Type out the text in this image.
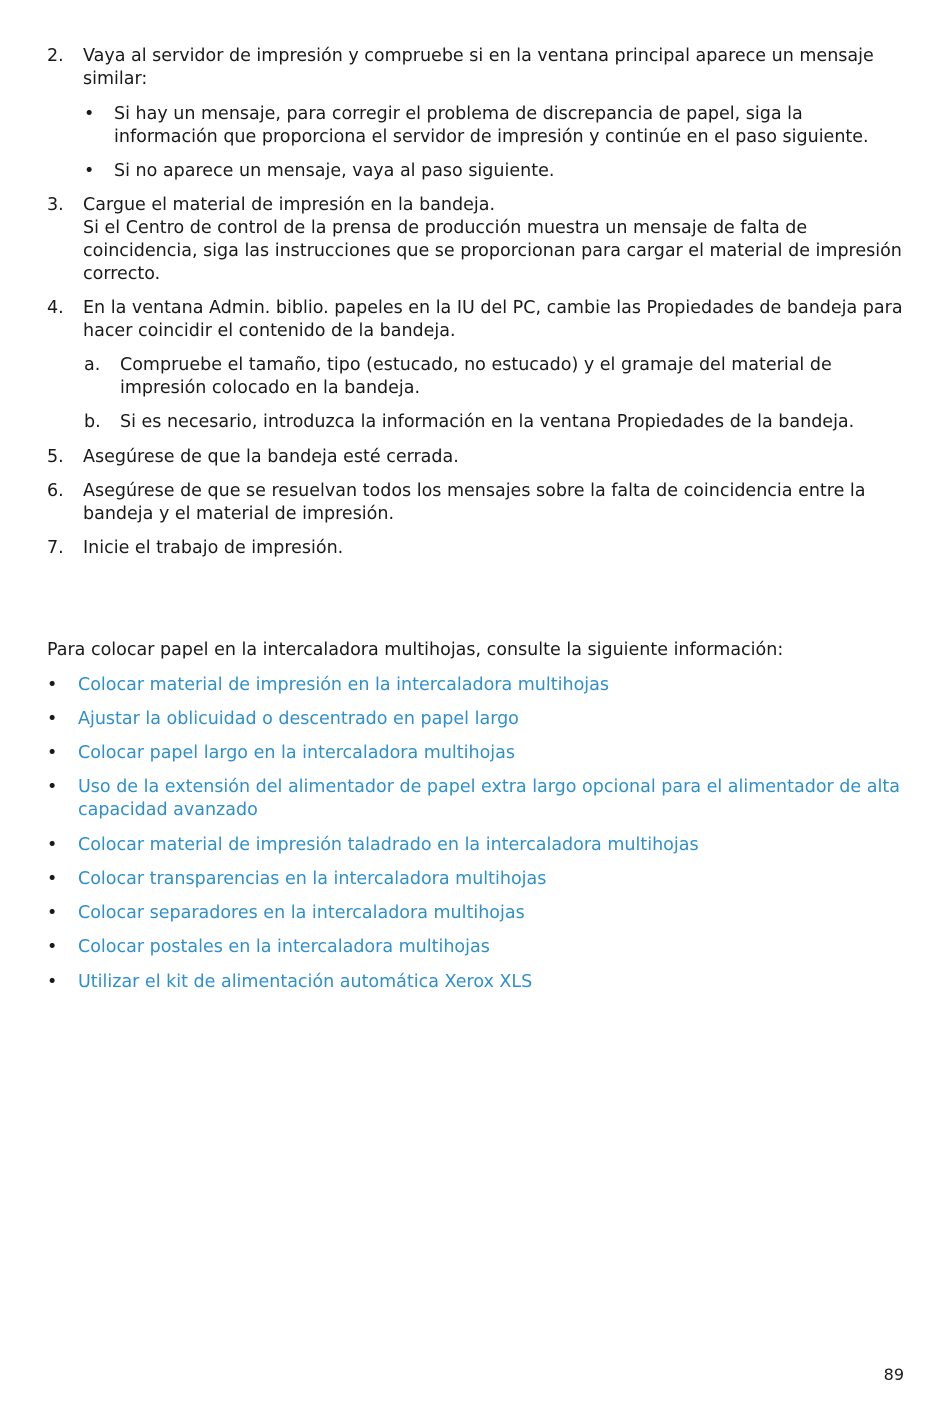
2.	Vaya al servidor de impresión y compruebe si en la ventana principal aparece un mensaje similar:
• Si hay un mensaje, para corregir el problema de discrepancia de papel, siga la información que proporciona el servidor de impresión y continúe en el paso siguiente.
• Si no aparece un mensaje, vaya al paso siguiente.
3.	Cargue el material de impresión en la bandeja.
Si el Centro de control de la prensa de producción muestra un mensaje de falta de coincidencia, siga las instrucciones que se proporcionan para cargar el material de impresión correcto.
4.	En la ventana Admin. biblio. papeles en la IU del PC, cambie las Propiedades de bandeja para hacer coincidir el contenido de la bandeja.
a. Compruebe el tamaño, tipo (estucado, no estucado) y el gramaje del material de impresión colocado en la bandeja.
b. Si es necesario, introduzca la información en la ventana Propiedades de la bandeja.
5.	Asegúrese de que la bandeja esté cerrada.
6.	Asegúrese de que se resuelvan todos los mensajes sobre la falta de coincidencia entre la bandeja y el material de impresión.
7.	Inicie el trabajo de impresión.
Para colocar papel en la intercaladora multihojas, consulte la siguiente información:
• Colocar material de impresión en la intercaladora multihojas
• Ajustar la oblicuidad o descentrado en papel largo
• Colocar papel largo en la intercaladora multihojas
• Uso de la extensión del alimentador de papel extra largo opcional para el alimentador de alta capacidad avanzado
• Colocar material de impresión taladrado en la intercaladora multihojas
• Colocar transparencias en la intercaladora multihojas
• Colocar separadores en la intercaladora multihojas
• Colocar postales en la intercaladora multihojas
• Utilizar el kit de alimentación automática Xerox XLS
89
